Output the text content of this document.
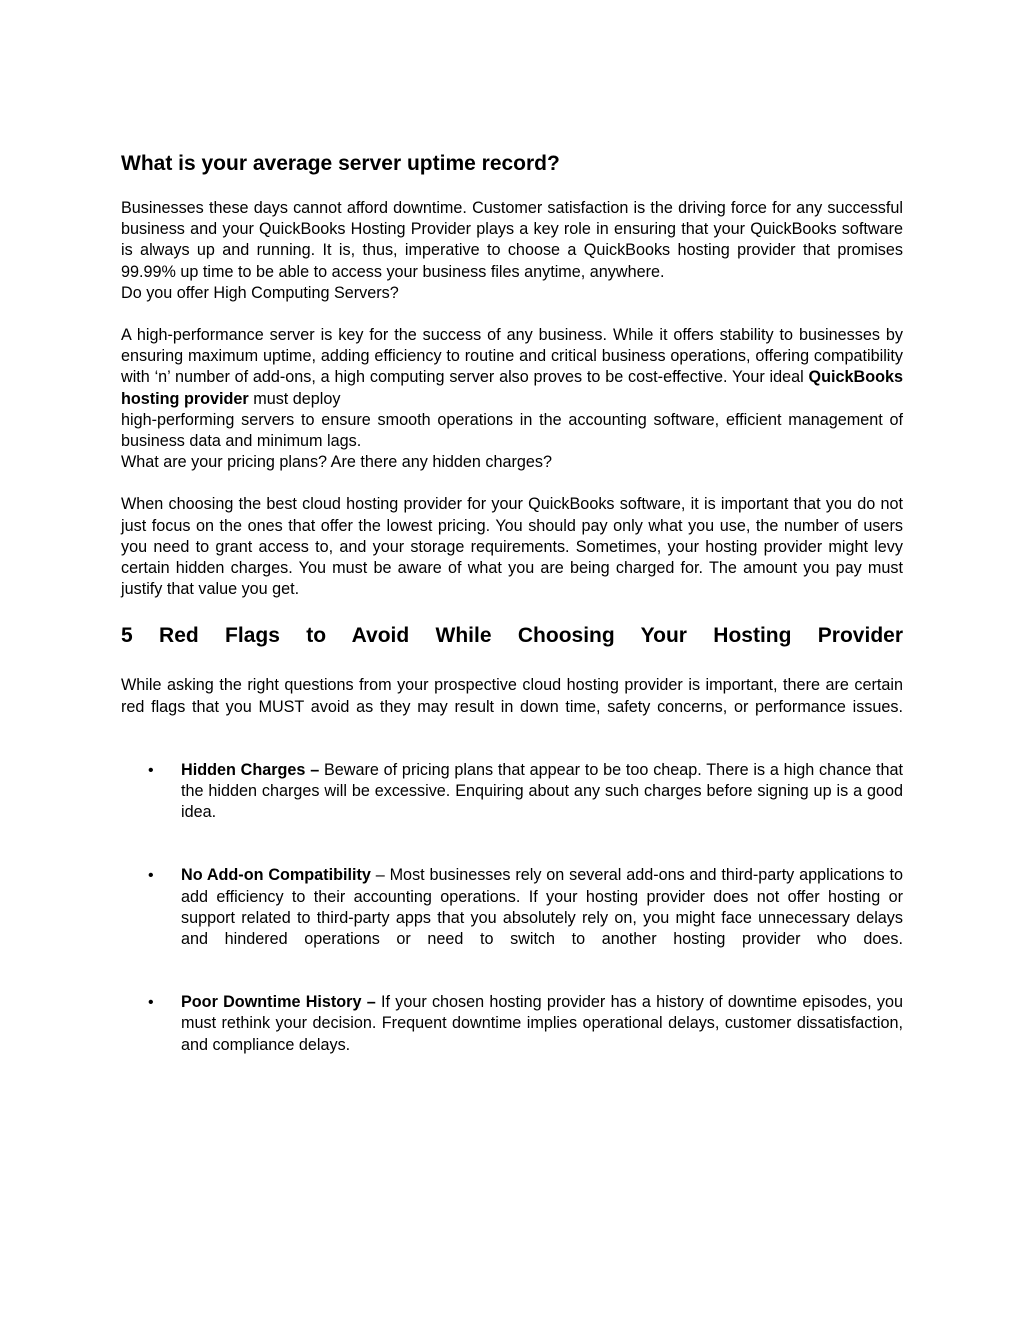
What is your average server uptime record?

Businesses these days cannot afford downtime. Customer satisfaction is the driving force for any successful business and your QuickBooks Hosting Provider plays a key role in ensuring that your QuickBooks software is always up and running. It is, thus, imperative to choose a QuickBooks hosting provider that promises 99.99% up time to be able to access your business files anytime, anywhere.

Do you offer High Computing Servers?

A high-performance server is key for the success of any business. While it offers stability to businesses by ensuring maximum uptime, adding efficiency to routine and critical business operations, offering compatibility with ‘n’ number of add-ons, a high computing server also proves to be cost-effective. Your ideal QuickBooks hosting provider must deploy

high-performing servers to ensure smooth operations in the accounting software, efficient management of business data and minimum lags.

What are your pricing plans? Are there any hidden charges?

When choosing the best cloud hosting provider for your QuickBooks software, it is important that you do not just focus on the ones that offer the lowest pricing. You should pay only what you use, the number of users you need to grant access to, and your storage requirements. Sometimes, your hosting provider might levy certain hidden charges. You must be aware of what you are being charged for. The amount you pay must justify that value you get.

5 Red Flags to Avoid While Choosing Your Hosting Provider

While asking the right questions from your prospective cloud hosting provider is important, there are certain red flags that you MUST avoid as they may result in down time, safety concerns, or performance issues.

• Hidden Charges – Beware of pricing plans that appear to be too cheap. There is a high chance that the hidden charges will be excessive. Enquiring about any such charges before signing up is a good idea.
• No Add-on Compatibility – Most businesses rely on several add-ons and third-party applications to add efficiency to their accounting operations. If your hosting provider does not offer hosting or support related to third-party apps that you absolutely rely on, you might face unnecessary delays and hindered operations or need to switch to another hosting provider who does.
• Poor Downtime History – If your chosen hosting provider has a history of downtime episodes, you must rethink your decision. Frequent downtime implies operational delays, customer dissatisfaction, and compliance delays.
